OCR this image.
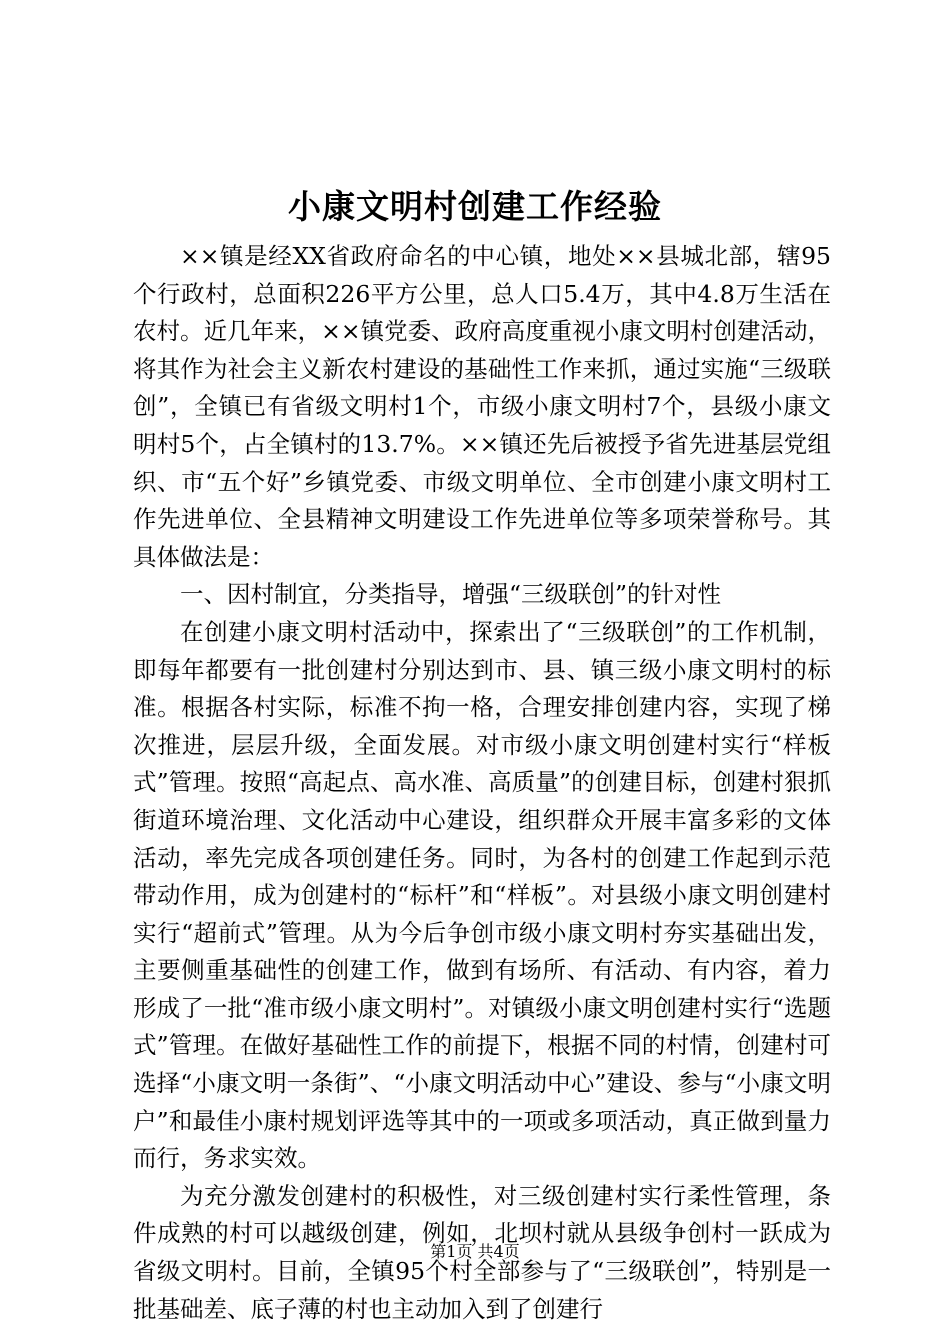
小康文明村创建工作经验

××镇是经XX省政府命名的中心镇，地处××县城北部，辖95个行政村，总面积226平方公里，总人口5.4万，其中4.8万生活在农村。近几年来，××镇党委、政府高度重视小康文明村创建活动，将其作为社会主义新农村建设的基础性工作来抓，通过实施“三级联创”，全镇已有省级文明村1个，市级小康文明村7个，县级小康文明村5个，占全镇村的13.7%。××镇还先后被授予省先进基层党组织、市“五个好”乡镇党委、市级文明单位、全市创建小康文明村工作先进单位、全县精神文明建设工作先进单位等多项荣誉称号。其具体做法是：

一、因村制宜，分类指导，增强“三级联创”的针对性

在创建小康文明村活动中，探索出了“三级联创”的工作机制，即每年都要有一批创建村分别达到市、县、镇三级小康文明村的标准。根据各村实际，标准不拘一格，合理安排创建内容，实现了梯次推进，层层升级，全面发展。对市级小康文明创建村实行“样板式”管理。按照“高起点、高水准、高质量”的创建目标，创建村狠抓街道环境治理、文化活动中心建设，组织群众开展丰富多彩的文体活动，率先完成各项创建任务。同时，为各村的创建工作起到示范带动作用，成为创建村的“标杆”和“样板”。对县级小康文明创建村实行“超前式”管理。从为今后争创市级小康文明村夯实基础出发，主要侧重基础性的创建工作，做到有场所、有活动、有内容，着力形成了一批“准市级小康文明村”。对镇级小康文明创建村实行“选题式”管理。在做好基础性工作的前提下，根据不同的村情，创建村可选择“小康文明一条街”、“小康文明活动中心”建设、参与“小康文明户”和最佳小康村规划评选等其中的一项或多项活动，真正做到量力而行，务求实效。

为充分激发创建村的积极性，对三级创建村实行柔性管理，条件成熟的村可以越级创建，例如，北坝村就从县级争创村一跃成为省级文明村。目前，全镇95个村全部参与了“三级联创”，特别是一批基础差、底子薄的村也主动加入到了创建行

第1页 共4页
